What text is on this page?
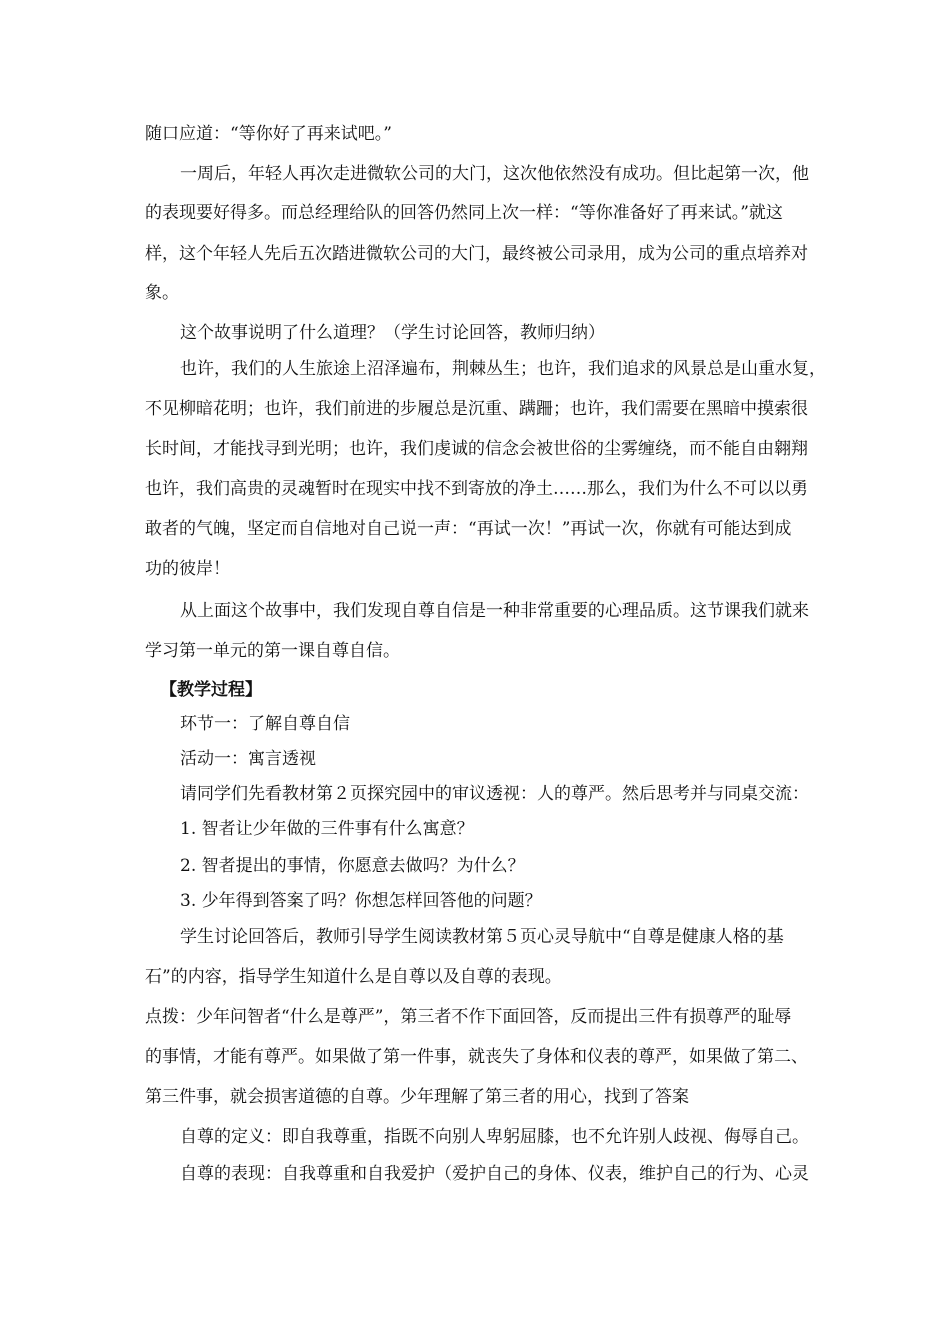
随口应道：“等你好了再来试吧。”
一周后，年轻人再次走进微软公司的大门，这次他依然没有成功。但比起第一次，他
的表现要好得多。而总经理给队的回答仍然同上次一样：“等你准备好了再来试。”就这
样，这个年轻人先后五次踏进微软公司的大门，最终被公司录用，成为公司的重点培养对
象。
这个故事说明了什么道理？（学生讨论回答，教师归纳）
也许，我们的人生旅途上沼泽遍布，荆棘丛生；也许，我们追求的风景总是山重水复，
不见柳暗花明；也许，我们前进的步履总是沉重、蹒跚；也许，我们需要在黑暗中摸索很
长时间，才能找寻到光明；也许，我们虔诚的信念会被世俗的尘雾缠绕，而不能自由翱翔
也许，我们高贵的灵魂暂时在现实中找不到寄放的净土……那么，我们为什么不可以以勇
敢者的气魄，坚定而自信地对自己说一声：“再试一次！”再试一次，你就有可能达到成
功的彼岸！
从上面这个故事中，我们发现自尊自信是一种非常重要的心理品质。这节课我们就来
学习第一单元的第一课自尊自信。
【教学过程】
环节一：了解自尊自信
活动一：寓言透视
请同学们先看教材第２页探究园中的审议透视：人的尊严。然后思考并与同桌交流：
1. 智者让少年做的三件事有什么寓意？
2. 智者提出的事情，你愿意去做吗？为什么？
3. 少年得到答案了吗？你想怎样回答他的问题？
学生讨论回答后，教师引导学生阅读教材第５页心灵导航中“自尊是健康人格的基
石”的内容，指导学生知道什么是自尊以及自尊的表现。
点拨：少年问智者“什么是尊严”，第三者不作下面回答，反而提出三件有损尊严的耻辱
的事情，才能有尊严。如果做了第一件事，就丧失了身体和仪表的尊严，如果做了第二、
第三件事，就会损害道德的自尊。少年理解了第三者的用心，找到了答案
自尊的定义：即自我尊重，指既不向别人卑躬屈膝，也不允许别人歧视、侮辱自己。
自尊的表现：自我尊重和自我爱护（爱护自己的身体、仪表，维护自己的行为、心灵
